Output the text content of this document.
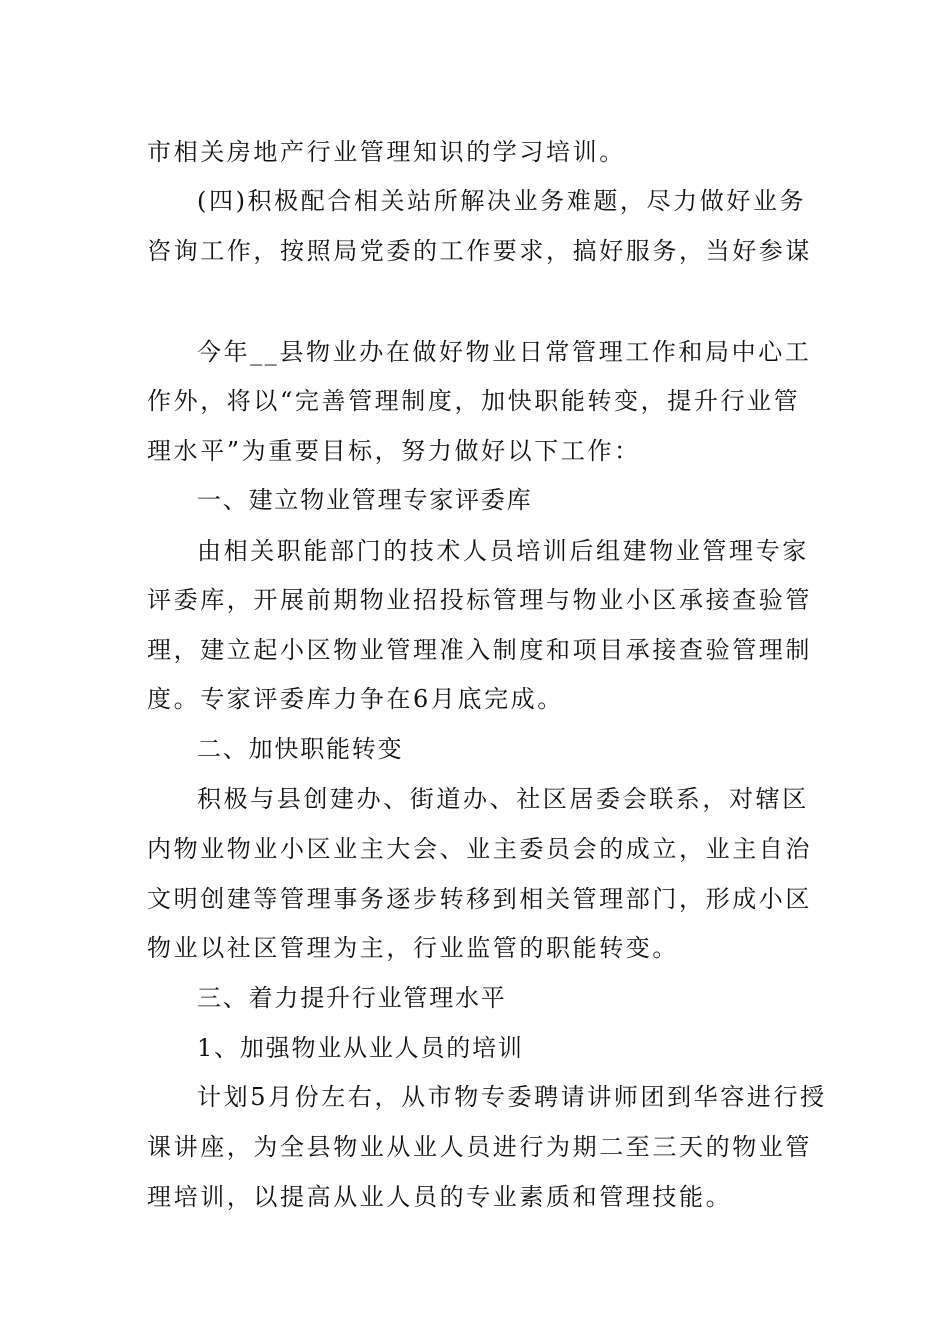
市相关房地产行业管理知识的学习培训。
(四)积极配合相关站所解决业务难题，尽力做好业务
咨询工作，按照局党委的工作要求，搞好服务，当好参谋
今年__县物业办在做好物业日常管理工作和局中心工
作外，将以“完善管理制度，加快职能转变，提升行业管
理水平”为重要目标，努力做好以下工作：
一、建立物业管理专家评委库
由相关职能部门的技术人员培训后组建物业管理专家
评委库，开展前期物业招投标管理与物业小区承接查验管
理，建立起小区物业管理准入制度和项目承接查验管理制
度。专家评委库力争在6月底完成。
二、加快职能转变
积极与县创建办、街道办、社区居委会联系，对辖区
内物业物业小区业主大会、业主委员会的成立，业主自治
文明创建等管理事务逐步转移到相关管理部门，形成小区
物业以社区管理为主，行业监管的职能转变。
三、着力提升行业管理水平
1、加强物业从业人员的培训
计划5月份左右，从市物专委聘请讲师团到华容进行授
课讲座，为全县物业从业人员进行为期二至三天的物业管
理培训，以提高从业人员的专业素质和管理技能。
